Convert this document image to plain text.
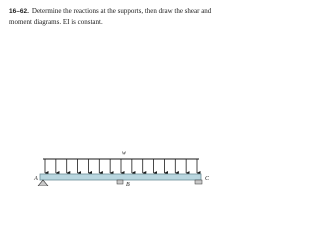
16–62. Determine the reactions at the supports, then draw the shear and moment diagrams. EI is constant.
w
A
B
C
